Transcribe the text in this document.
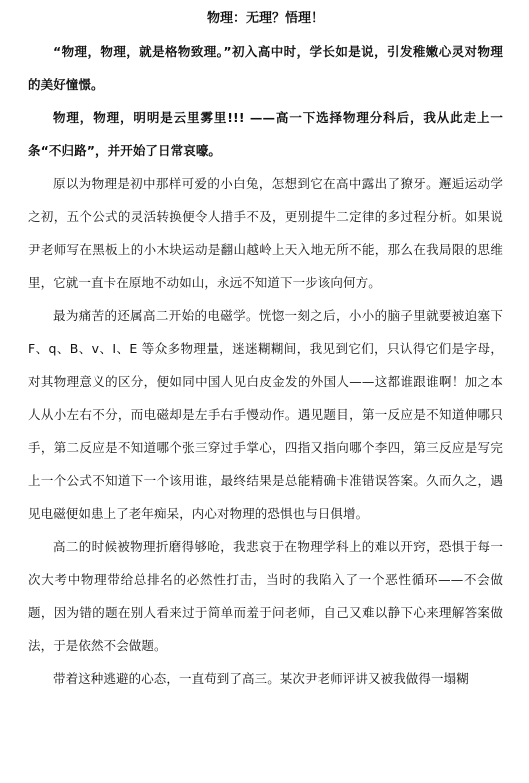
物理：无理？悟理！

“物理，物理，就是格物致理。”初入高中时，学长如是说，引发稚嫩心灵对物理的美好憧憬。

物理，物理，明明是云里雾里!!! ——高一下选择物理分科后，我从此走上一条“不归路”，并开始了日常哀嚎。

原以为物理是初中那样可爱的小白兔，怎想到它在高中露出了獠牙。邂逅运动学之初，五个公式的灵活转换便令人措手不及，更别提牛二定律的多过程分析。如果说尹老师写在黑板上的小木块运动是翻山越岭上天入地无所不能，那么在我局限的思维里，它就一直卡在原地不动如山，永远不知道下一步该向何方。

最为痛苦的还属高二开始的电磁学。恍惚一刻之后，小小的脑子里就要被迫塞下 F、q、B、v、I、E 等众多物理量，迷迷糊糊间，我见到它们，只认得它们是字母，对其物理意义的区分，便如同中国人见白皮金发的外国人——这都谁跟谁啊！加之本人从小左右不分，而电磁却是左手右手慢动作。遇见题目，第一反应是不知道伸哪只手，第二反应是不知道哪个张三穿过手掌心，四指又指向哪个李四，第三反应是写完上一个公式不知道下一个该用谁，最终结果是总能精确卡准错误答案。久而久之，遇见电磁便如患上了老年痴呆，内心对物理的恐惧也与日俱增。

高二的时候被物理折磨得够呛，我悲哀于在物理学科上的难以开窍，恐惧于每一次大考中物理带给总排名的必然性打击，当时的我陷入了一个恶性循环——不会做题，因为错的题在别人看来过于简单而羞于问老师，自己又难以静下心来理解答案做法，于是依然不会做题。

带着这种逃避的心态，一直苟到了高三。某次尹老师评讲又被我做得一塌糊
